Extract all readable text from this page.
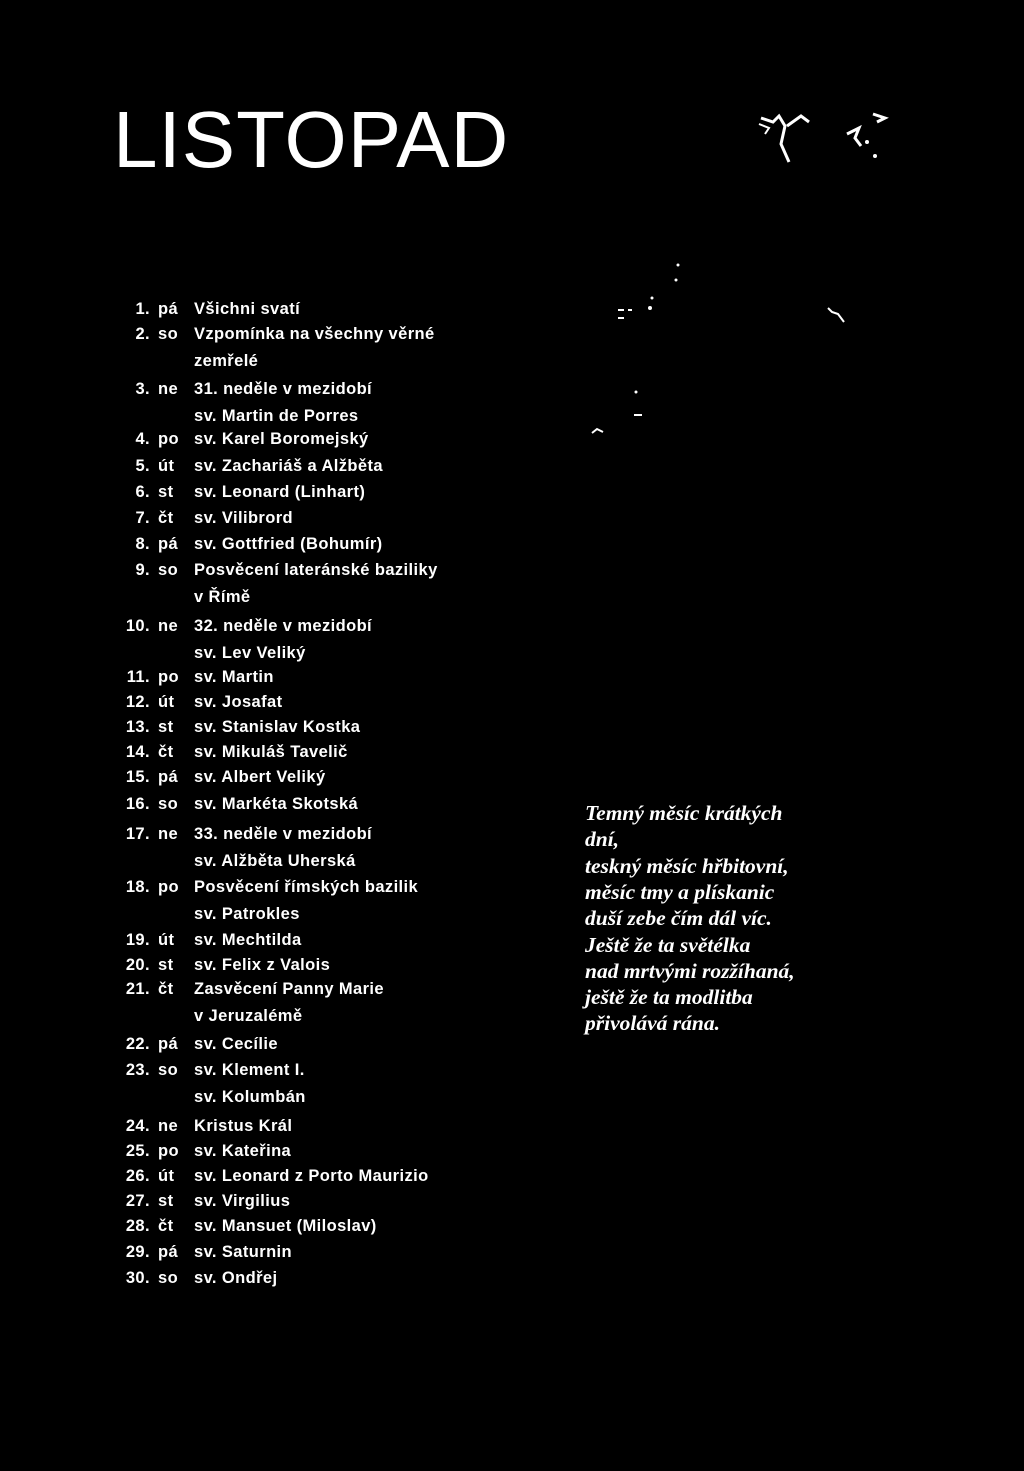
LISTOPAD
1. pá Všichni svatí
2. so Vzpomínka na všechny věrné
zemřelé
3. ne 31. neděle v mezidobí
sv. Martin de Porres
4. po sv. Karel Boromejský
5. út sv. Zachariáš a Alžběta
6. st sv. Leonard (Linhart)
7. čt sv. Vilibrord
8. pá sv. Gottfried (Bohumír)
9. so Posvěcení lateránské baziliky
v Římě
10. ne 32. neděle v mezidobí
sv. Lev Veliký
11. po sv. Martin
12. út sv. Josafat
13. st sv. Stanislav Kostka
14. čt sv. Mikuláš Tavelič
15. pá sv. Albert Veliký
16. so sv. Markéta Skotská
17. ne 33. neděle v mezidobí
sv. Alžběta Uherská
18. po Posvěcení římských bazilik
sv. Patrokles
19. út sv. Mechtilda
20. st sv. Felix z Valois
21. čt Zasvěcení Panny Marie
v Jeruzalémě
22. pá sv. Cecílie
23. so sv. Klement I.
sv. Kolumbán
24. ne Kristus Král
25. po sv. Kateřina
26. út sv. Leonard z Porto Maurizio
27. st sv. Virgilius
28. čt sv. Mansuet (Miloslav)
29. pá sv. Saturnin
30. so sv. Ondřej
Temný měsíc krátkých
dní,
teskný měsíc hřbitovní,
měsíc tmy a plískanic
duší zebe čím dál víc.
Ještě že ta světélka
nad mrtvými rozžíhaná,
ještě že ta modlitba
přivolává rána.
